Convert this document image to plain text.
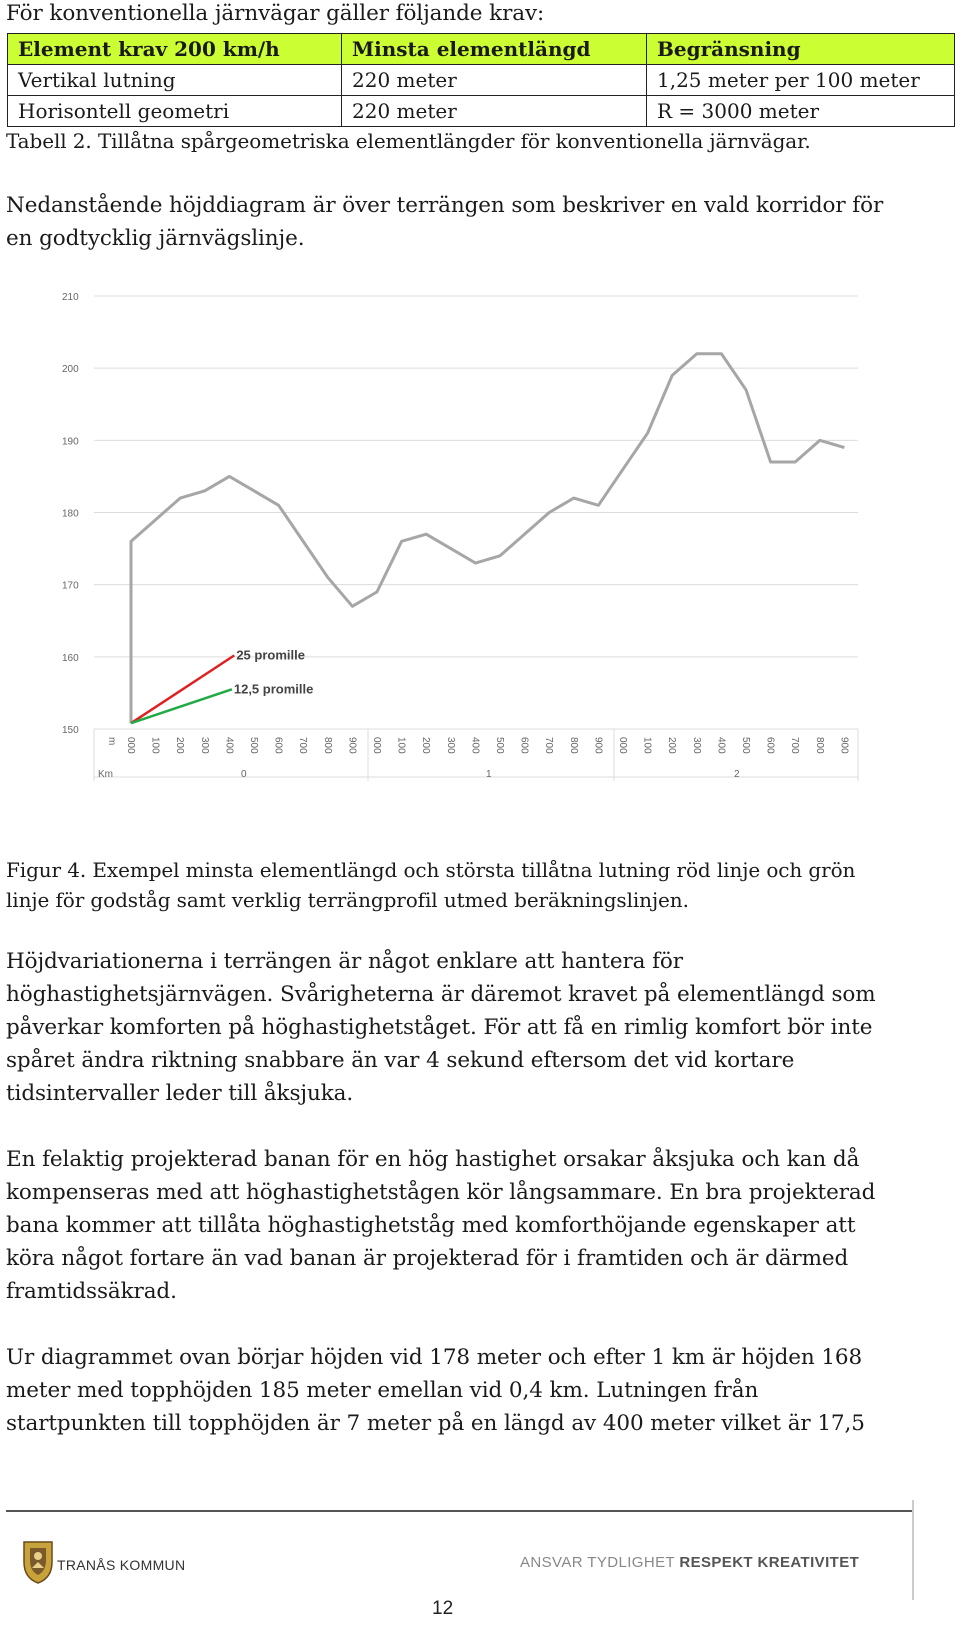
För konventionella järnvägar gäller följande krav:

Element krav 200 km/h	Minsta elementlängd	Begränsning
Vertikal lutning	220 meter	1,25 meter per 100 meter
Horisontell geometri	220 meter	R = 3000 meter

Tabell 2. Tillåtna spårgeometriska elementlängder för konventionella järnvägar.

Nedanstående höjddiagram är över terrängen som beskriver en vald korridor för

en godtycklig järnvägslinje.

150
160
170
180
190
200
210
m 000 100 200 300 400 500 600 700 800 900 000 100 200 300 400 500 600 700 800 900 000 100 200 300 400 500 600 700 800 900
Km	0	1	2
25 promille
12,5 promille

Figur 4. Exempel minsta elementlängd och största tillåtna lutning röd linje och grön

linje för godståg samt verklig terrängprofil utmed beräkningslinjen.

Höjdvariationerna i terrängen är något enklare att hantera för

höghastighetsjärnvägen. Svårigheterna är däremot kravet på elementlängd som

påverkar komforten på höghastighetståget. För att få en rimlig komfort bör inte

spåret ändra riktning snabbare än var 4 sekund eftersom det vid kortare

tidsintervaller leder till åksjuka.

En felaktig projekterad banan för en hög hastighet orsakar åksjuka och kan då

kompenseras med att höghastighetstågen kör långsammare. En bra projekterad

bana kommer att tillåta höghastighetståg med komforthöjande egenskaper att

köra något fortare än vad banan är projekterad för i framtiden och är därmed

framtidssäkrad.

Ur diagrammet ovan börjar höjden vid 178 meter och efter 1 km är höjden 168

meter med topphöjden 185 meter emellan vid 0,4 km. Lutningen från

startpunkten till topphöjden är 7 meter på en längd av 400 meter vilket är 17,5

TRANÅS KOMMUN	ANSVAR TYDLIGHET RESPEKT KREATIVITET
12
